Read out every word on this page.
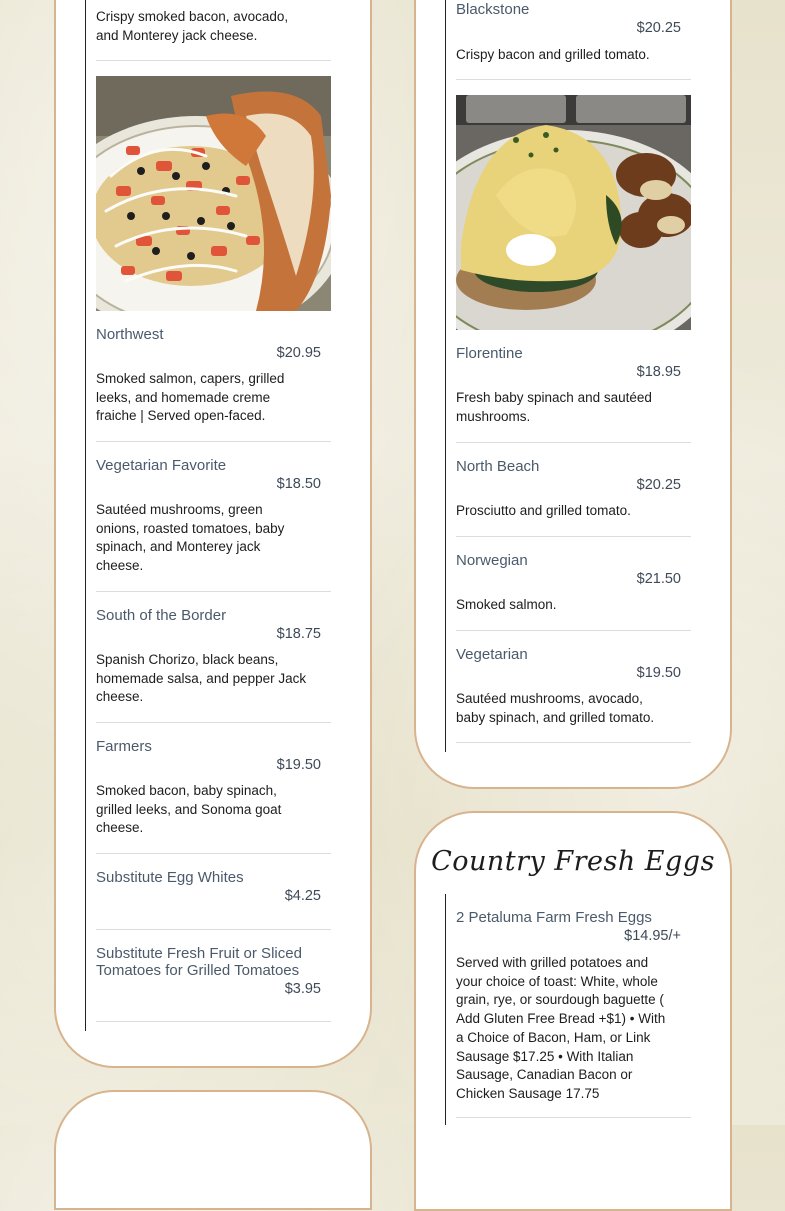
Crispy smoked bacon, avocado, and Monterey jack cheese.
Northwest
$20.95
Smoked salmon, capers, grilled leeks, and homemade creme fraiche | Served open-faced.
Vegetarian Favorite
$18.50
Sautéed mushrooms, green onions, roasted tomatoes, baby spinach, and Monterey jack cheese.
South of the Border
$18.75
Spanish Chorizo, black beans, homemade salsa, and pepper Jack cheese.
Farmers
$19.50
Smoked bacon, baby spinach, grilled leeks, and Sonoma goat cheese.
Substitute Egg Whites
$4.25
Substitute Fresh Fruit or Sliced Tomatoes for Grilled Tomatoes
$3.95
Blackstone
$20.25
Crispy bacon and grilled tomato.
Florentine
$18.95
Fresh baby spinach and sautéed mushrooms.
North Beach
$20.25
Prosciutto and grilled tomato.
Norwegian
$21.50
Smoked salmon.
Vegetarian
$19.50
Sautéed mushrooms, avocado, baby spinach, and grilled tomato.
Country Fresh Eggs
2 Petaluma Farm Fresh Eggs
$14.95/+
Served with grilled potatoes and your choice of toast: White, whole grain, rye, or sourdough baguette ( Add Gluten Free Bread +$1) • With a Choice of Bacon, Ham, or Link Sausage $17.25 • With Italian Sausage, Canadian Bacon or Chicken Sausage 17.75
